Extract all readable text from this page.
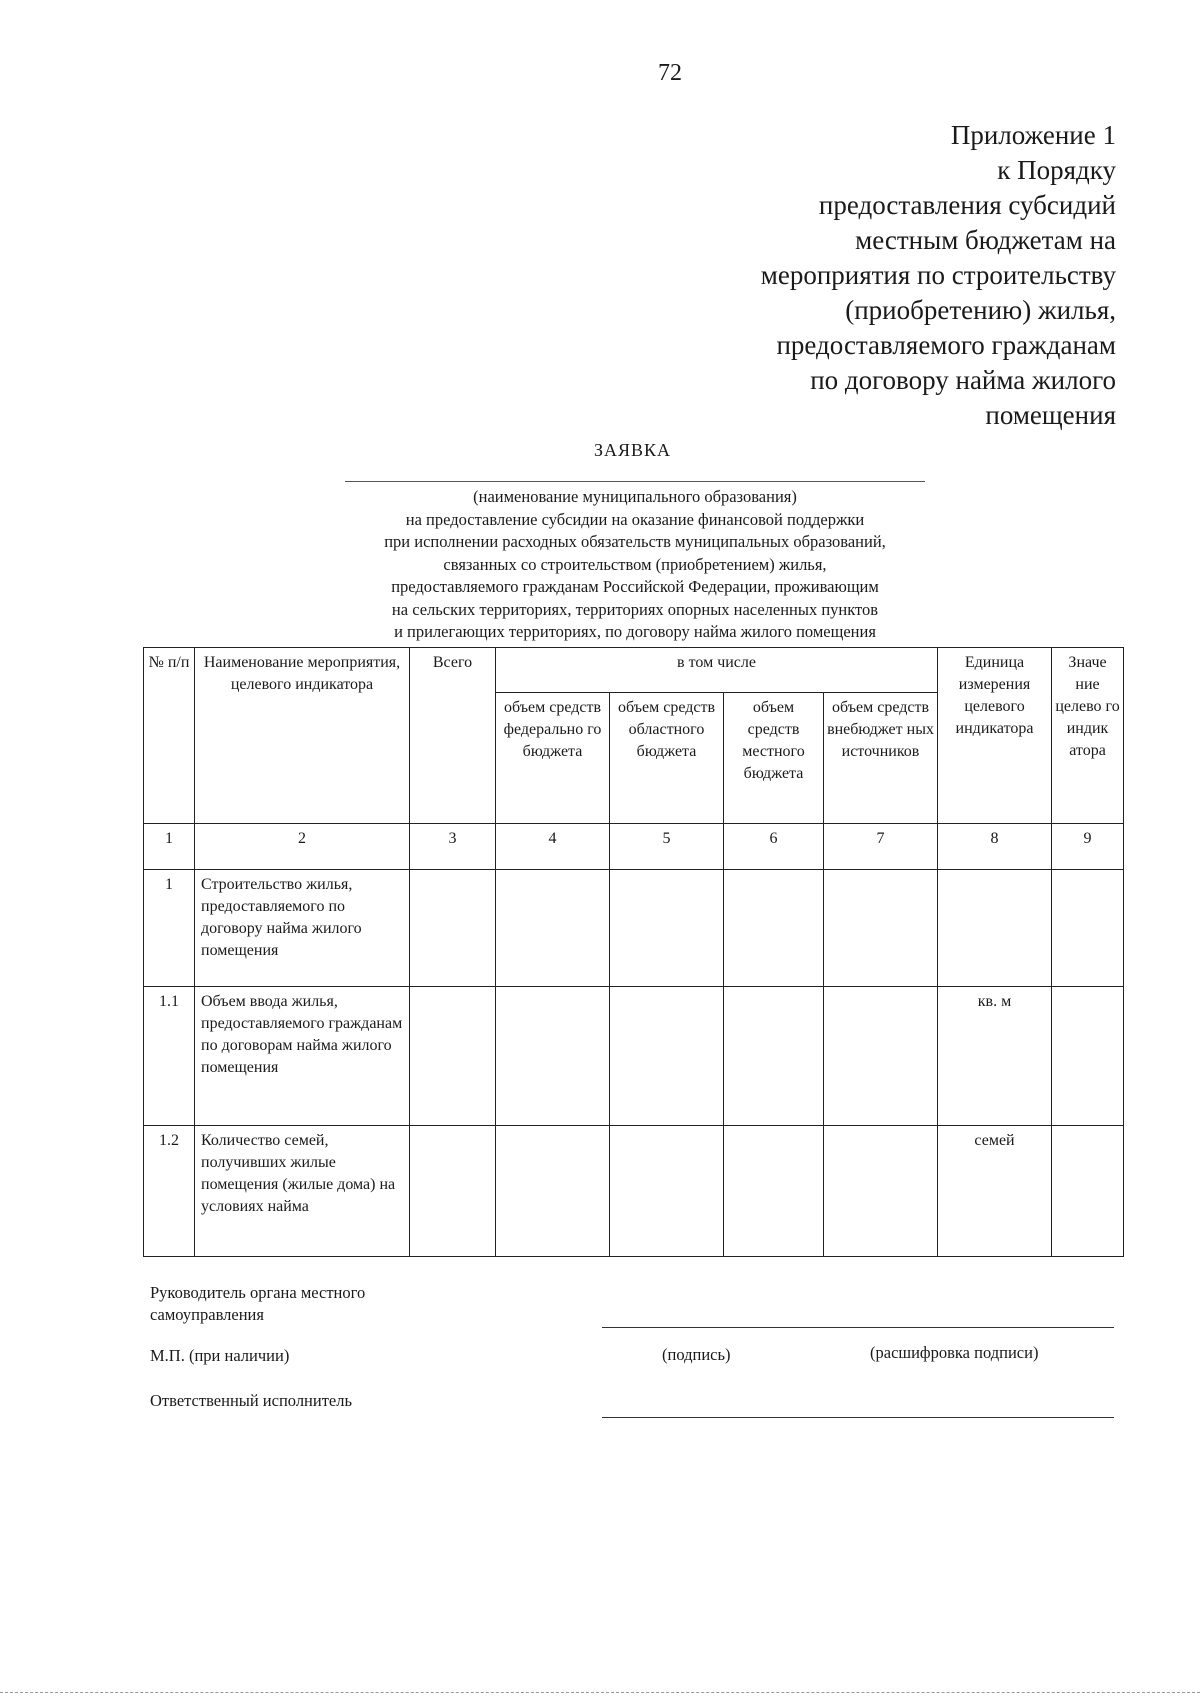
72
Приложение 1
к Порядку
предоставления субсидий
местным бюджетам на
мероприятия по строительству
(приобретению) жилья,
предоставляемого гражданам
по договору найма жилого
помещения
ЗАЯВКА
(наименование муниципального образования)
на предоставление субсидии на оказание финансовой поддержки
при исполнении расходных обязательств муниципальных образований,
связанных со строительством (приобретением) жилья,
предоставляемого гражданам Российской Федерации, проживающим
на сельских территориях, территориях опорных населенных пунктов
и прилегающих территориях, по договору найма жилого помещения
№ п/п	Наименование мероприятия, целевого индикатора	Всего	в том числе				Единица измерения целевого индикатора	Значе ние целево го индик атора
			объем средств федерально го бюджета	объем средств областного бюджета	объем средств местного бюджета	объем средств внебюджет ных источников		
1	2	3	4	5	6	7	8	9
1	Строительство жилья, предоставляемого по договору найма жилого помещения							
1.1	Объем ввода жилья, предоставляемого гражданам по договорам найма жилого помещения						кв. м	
1.2	Количество семей, получивших жилые помещения (жилые дома) на условиях найма						семей	
Руководитель органа местного
самоуправления
М.П. (при наличии)	(подпись)	(расшифровка подписи)
Ответственный исполнитель
